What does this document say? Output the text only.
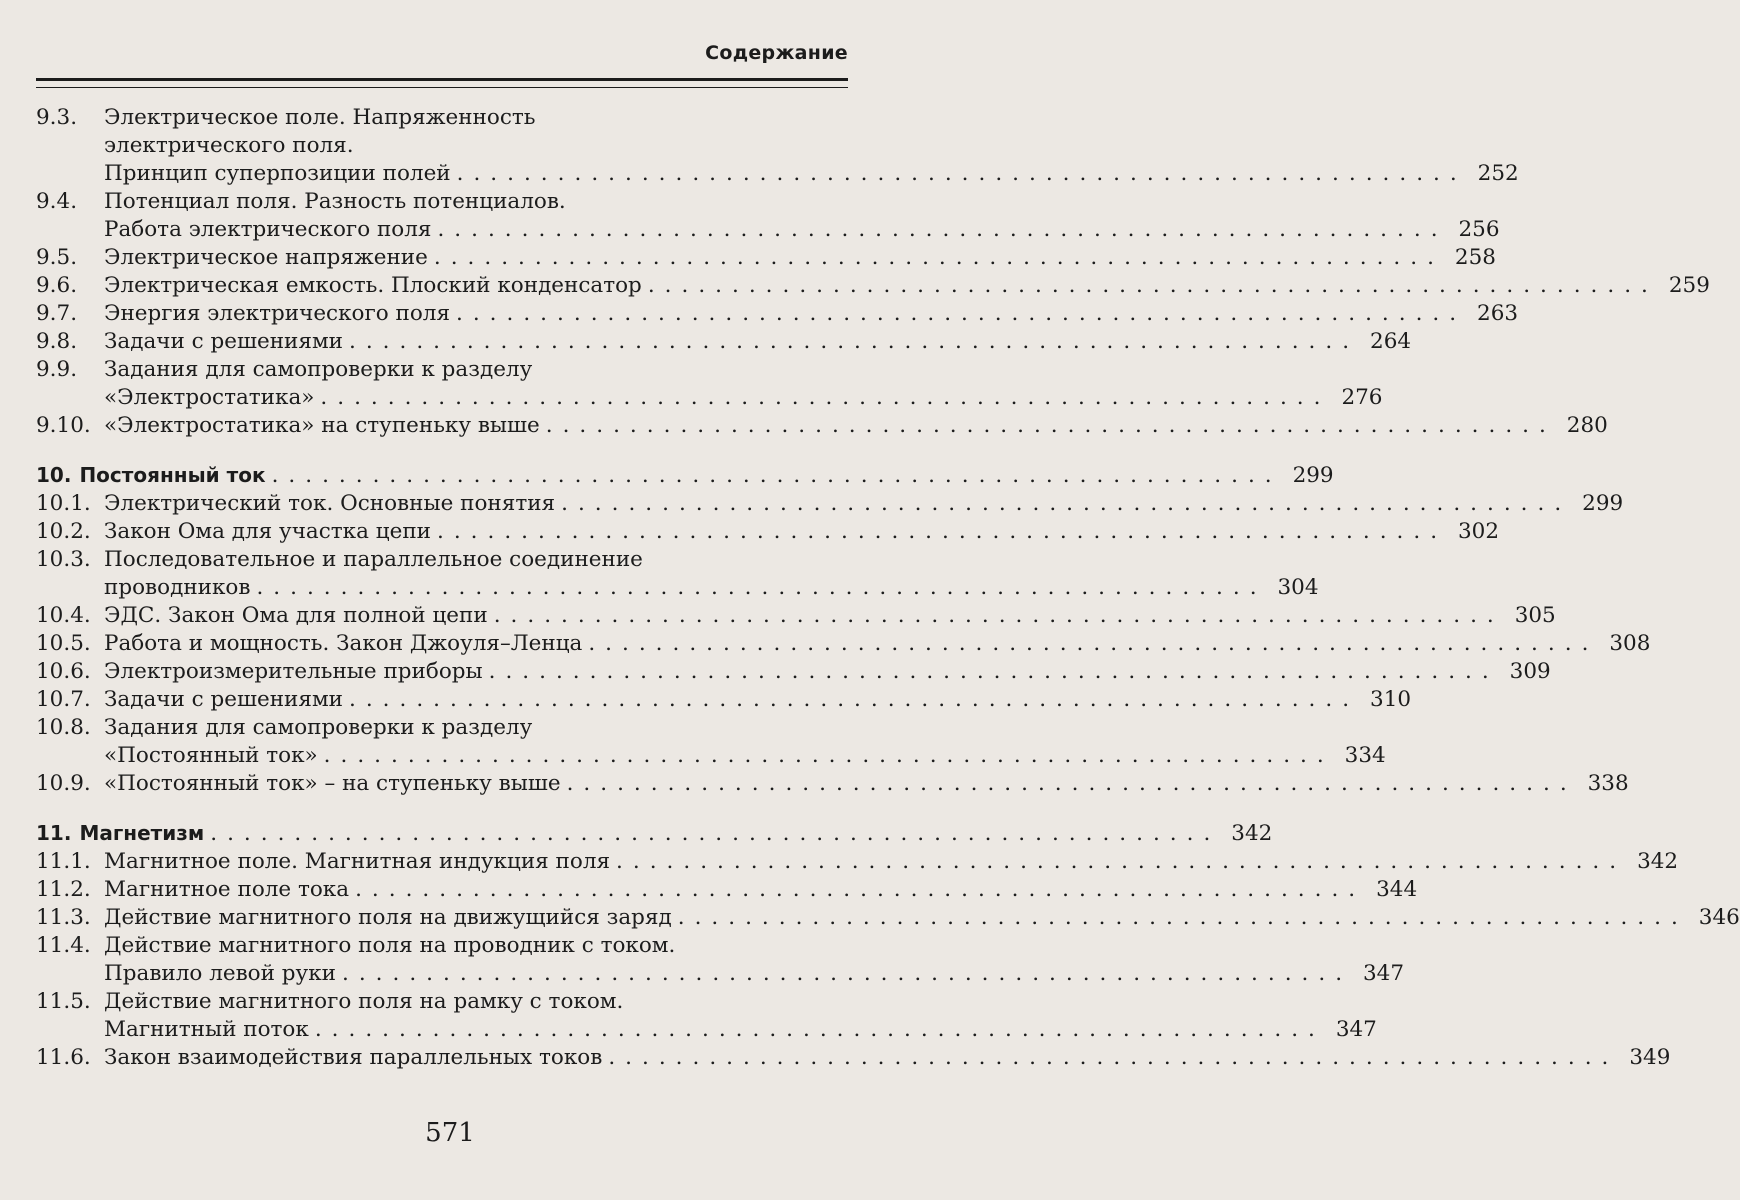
Содержание
9.3.	Электрическое поле. Напряженность
электрического поля.
Принцип суперпозиции полей ............................................................ 252
9.4.	Потенциал поля. Разность потенциалов.
Работа электрического поля ............................................................ 256
9.5.	Электрическое напряжение ............................................................ 258
9.6.	Электрическая емкость. Плоский конденсатор ............................................................ 259
9.7.	Энергия электрического поля ............................................................ 263
9.8.	Задачи с решениями ............................................................ 264
9.9.	Задания для самопроверки к разделу
«Электростатика» ............................................................ 276
9.10. «Электростатика» на ступеньку выше ............................................................ 280
10. Постоянный ток ............................................................ 299
10.1. Электрический ток. Основные понятия ............................................................ 299
10.2. Закон Ома для участка цепи ............................................................ 302
10.3. Последовательное и параллельное соединение
проводников ............................................................ 304
10.4. ЭДС. Закон Ома для полной цепи ............................................................ 305
10.5. Работа и мощность. Закон Джоуля–Ленца ............................................................ 308
10.6. Электроизмерительные приборы ............................................................ 309
10.7. Задачи с решениями ............................................................ 310
10.8. Задания для самопроверки к разделу
«Постоянный ток» ............................................................ 334
10.9. «Постоянный ток» – на ступеньку выше ............................................................ 338
11. Магнетизм ............................................................ 342
11.1. Магнитное поле. Магнитная индукция поля ............................................................ 342
11.2. Магнитное поле тока ............................................................ 344
11.3. Действие магнитного поля на движущийся заряд ............................................................ 346
11.4. Действие магнитного поля на проводник с током.
Правило левой руки ............................................................ 347
11.5. Действие магнитного поля на рамку с током.
Магнитный поток ............................................................ 347
11.6. Закон взаимодействия параллельных токов ............................................................ 349
571
